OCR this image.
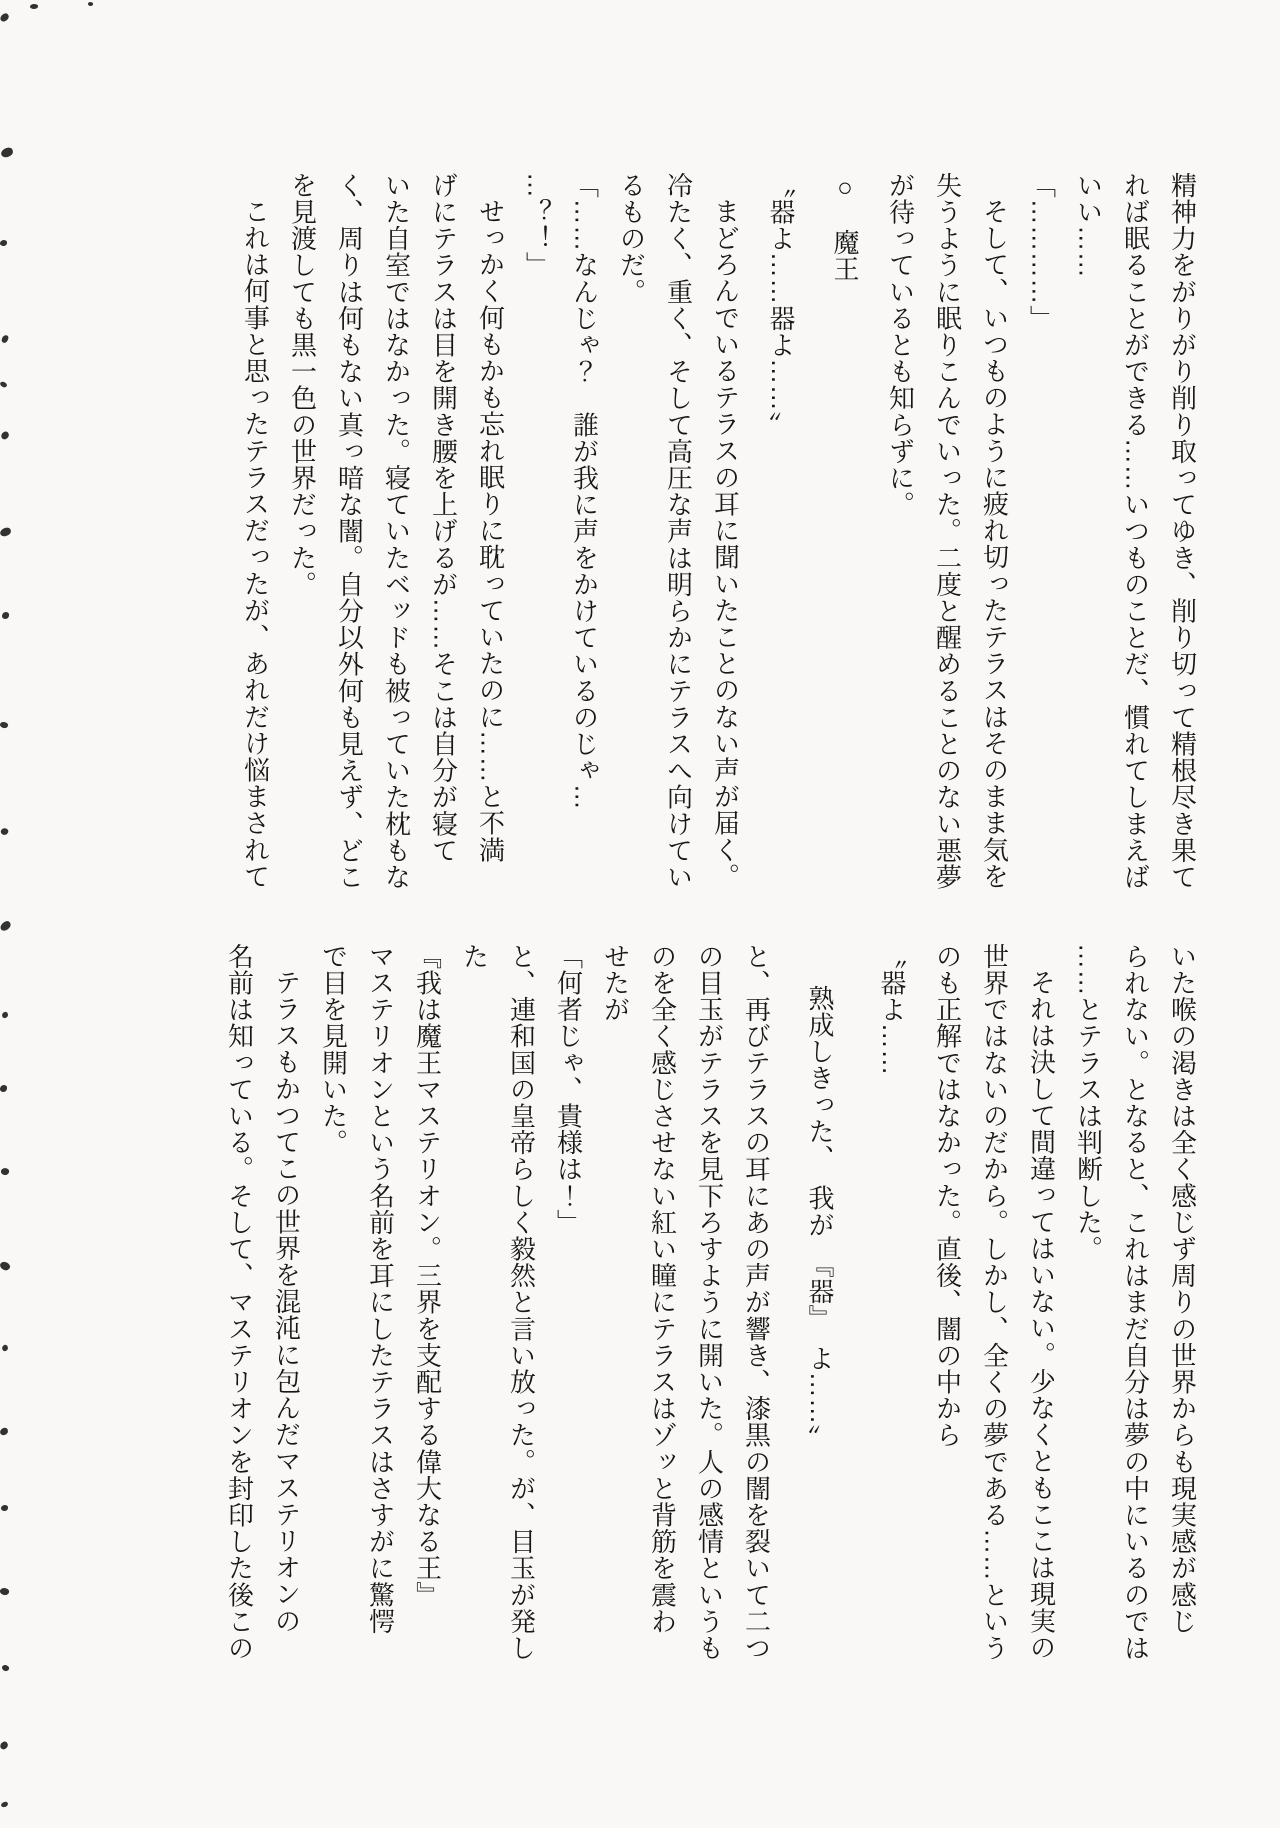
精神力をがりがり削り取ってゆき、削り切って精根尽き果て

れば眠ることができる……いつものことだ、慣れてしまえば

いい……

「…………」

そして、いつものように疲れ切ったテラスはそのまま気を

失うように眠りこんでいった。二度と醒めることのない悪夢

が待っているとも知らずに。

○　魔王

〝器よ……器よ……〟

まどろんでいるテラスの耳に聞いたことのない声が届く。

冷たく、重く、そして高圧な声は明らかにテラスへ向けてい

るものだ。

「……なんじゃ？　誰が我に声をかけているのじゃ…

…？！」

せっかく何もかも忘れ眠りに耽っていたのに……と不満

げにテラスは目を開き腰を上げるが……そこは自分が寝て

いた自室ではなかった。寝ていたベッドも被っていた枕もな

く、周りは何もない真っ暗な闇。自分以外何も見えず、どこ

を見渡しても黒一色の世界だった。

これは何事と思ったテラスだったが、あれだけ悩まされて

いた喉の渇きは全く感じず周りの世界からも現実感が感じ

られない。となると、これはまだ自分は夢の中にいるのでは

……とテラスは判断した。

それは決して間違ってはいない。少なくともここは現実の

世界ではないのだから。しかし、全くの夢である……という

のも正解ではなかった。直後、闇の中から

〝器よ……

熟成しきった、　我が　『器』　よ……〟

と、再びテラスの耳にあの声が響き、漆黒の闇を裂いて二つ

の目玉がテラスを見下ろすように開いた。人の感情というも

のを全く感じさせない紅い瞳にテラスはゾッと背筋を震わ

せたが

「何者じゃ、貴様は！」

と、連和国の皇帝らしく毅然と言い放った。が、目玉が発し

た

『我は魔王マステリオン。三界を支配する偉大なる王』

マステリオンという名前を耳にしたテラスはさすがに驚愕

で目を見開いた。

テラスもかつてこの世界を混沌に包んだマステリオンの

名前は知っている。そして、マステリオンを封印した後この
